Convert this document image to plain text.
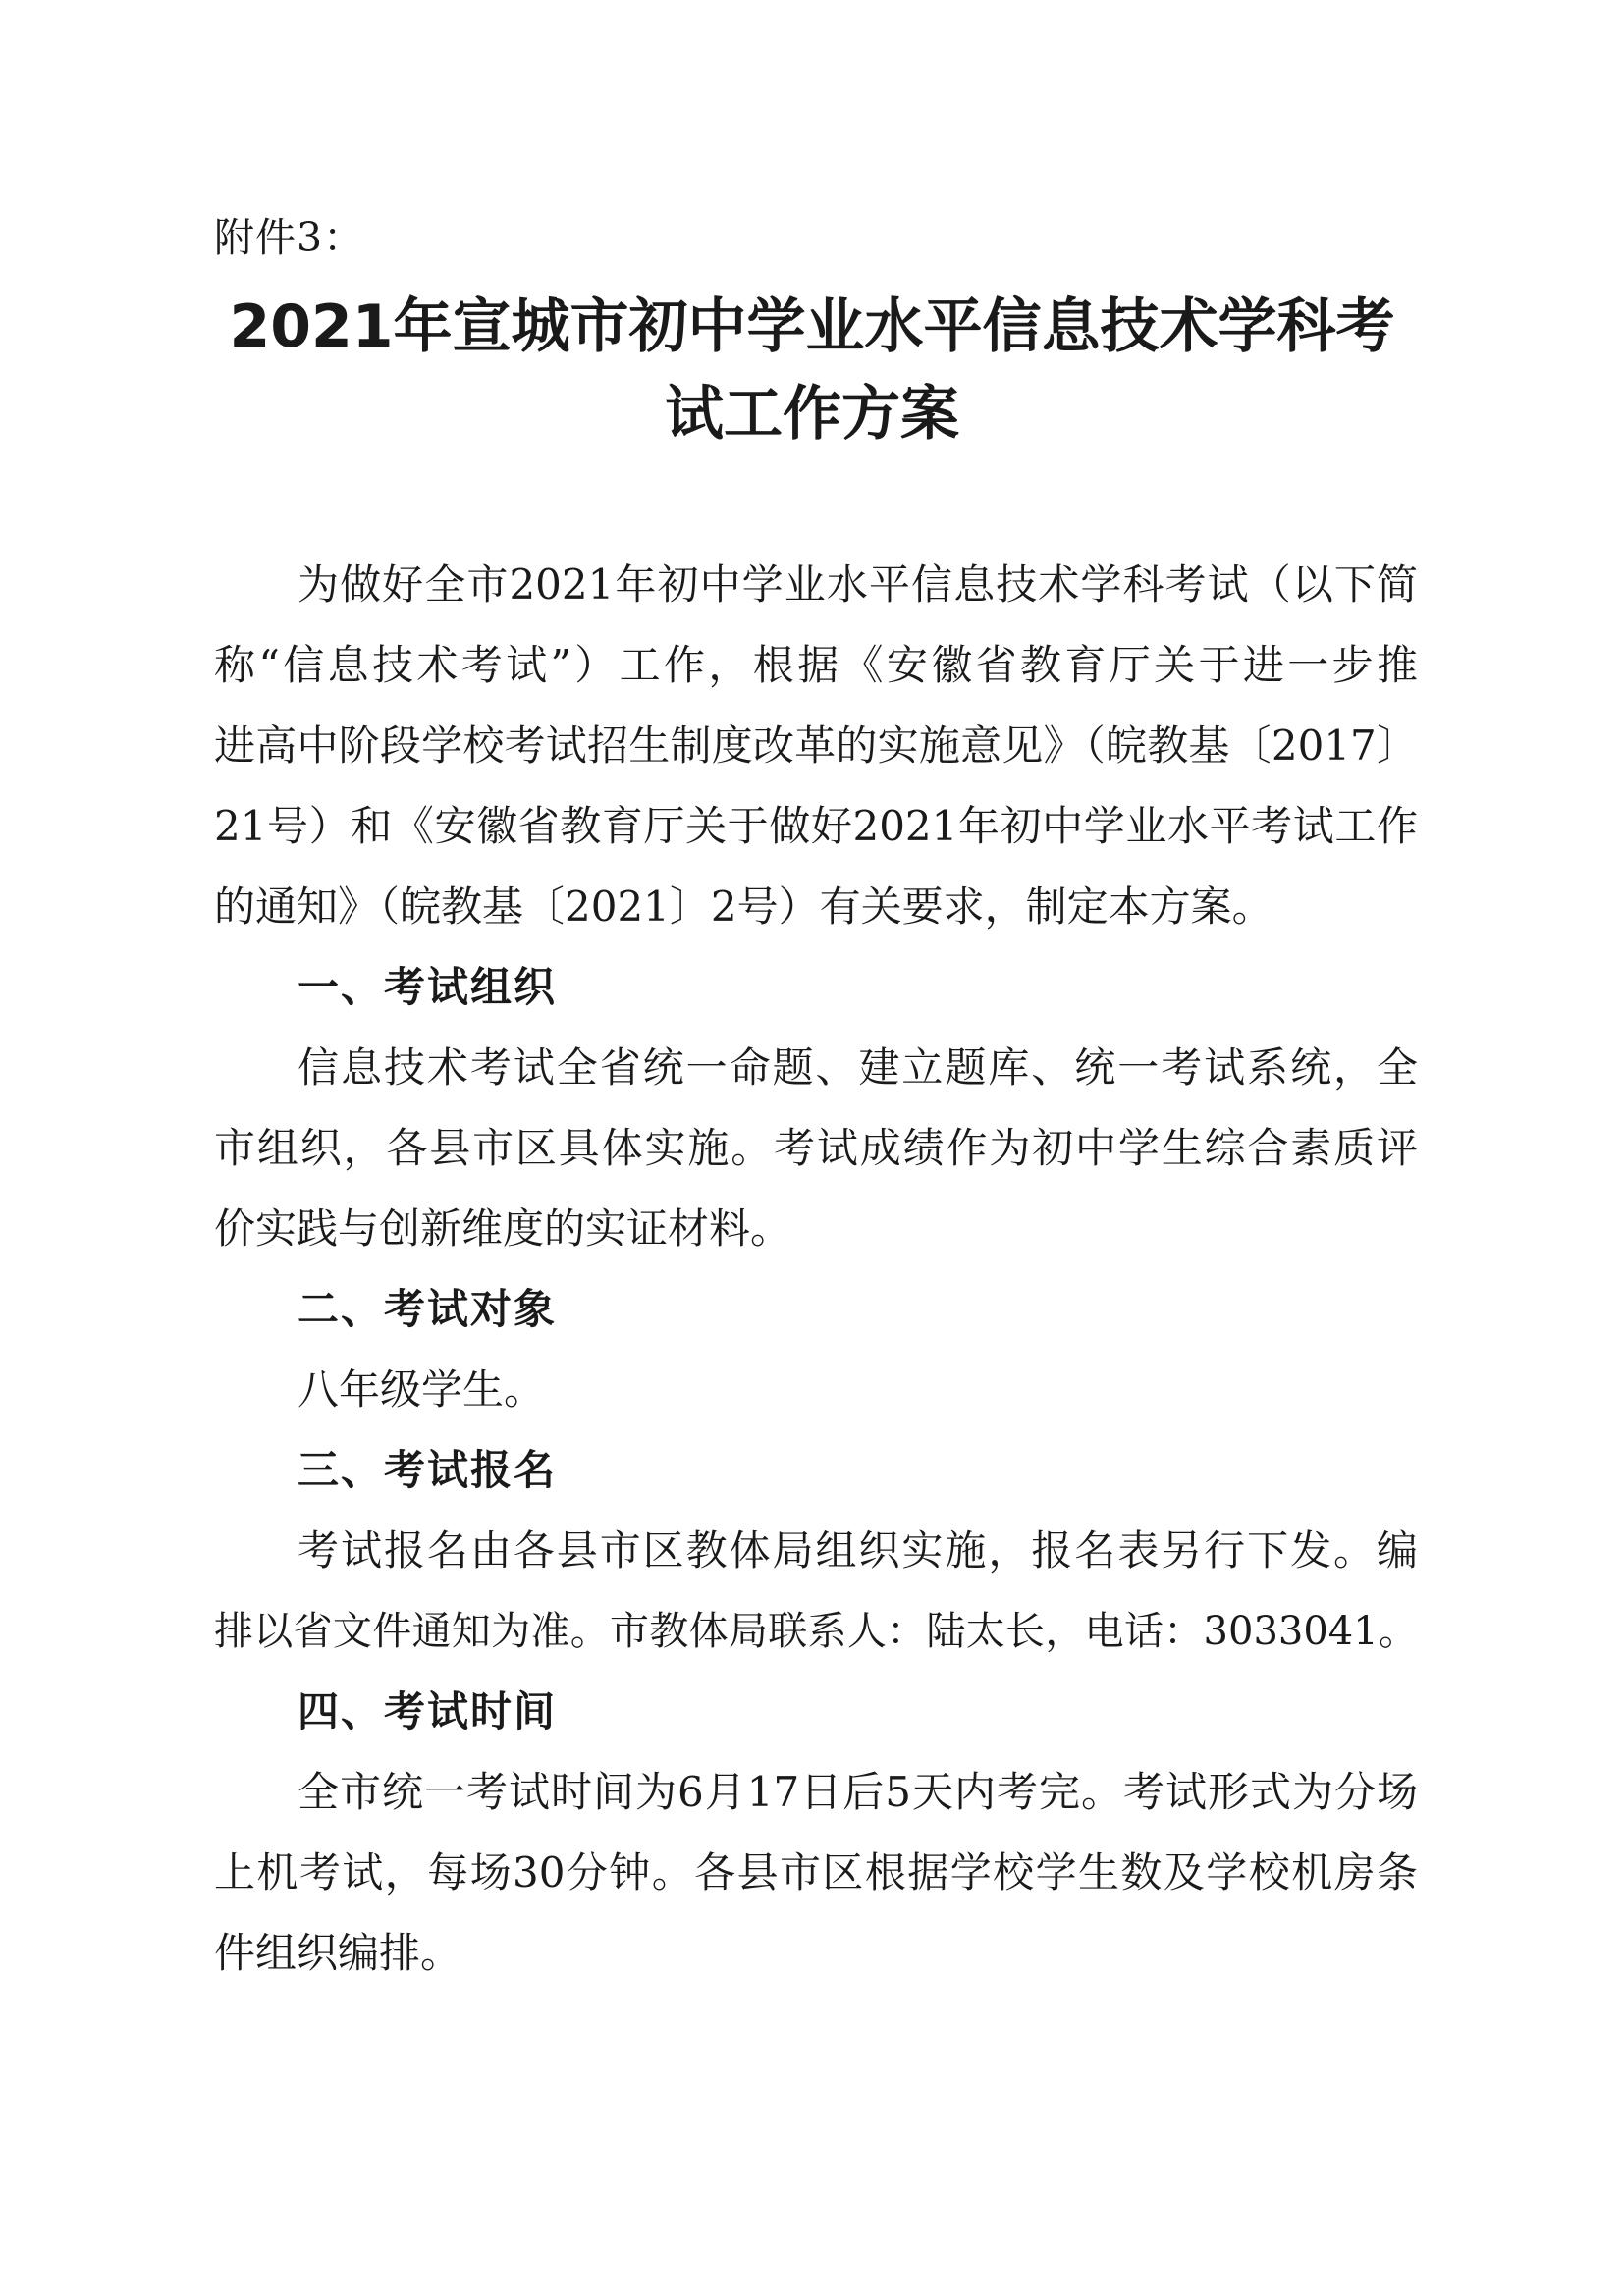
附件3：
2021年宣城市初中学业水平信息技术学科考
试工作方案
为做好全市2021年初中学业水平信息技术学科考试（以下简
称“信息技术考试”）工作，根据《安徽省教育厅关于进一步推
进高中阶段学校考试招生制度改革的实施意见》（皖教基〔2017〕
21号）和《安徽省教育厅关于做好2021年初中学业水平考试工作
的通知》（皖教基〔2021〕2号）有关要求，制定本方案。
一、考试组织
信息技术考试全省统一命题、建立题库、统一考试系统，全
市组织，各县市区具体实施。考试成绩作为初中学生综合素质评
价实践与创新维度的实证材料。
二、考试对象
八年级学生。
三、考试报名
考试报名由各县市区教体局组织实施，报名表另行下发。编
排以省文件通知为准。市教体局联系人：陆太长，电话：3033041。
四、考试时间
全市统一考试时间为6月17日后5天内考完。考试形式为分场
上机考试，每场30分钟。各县市区根据学校学生数及学校机房条
件组织编排。
